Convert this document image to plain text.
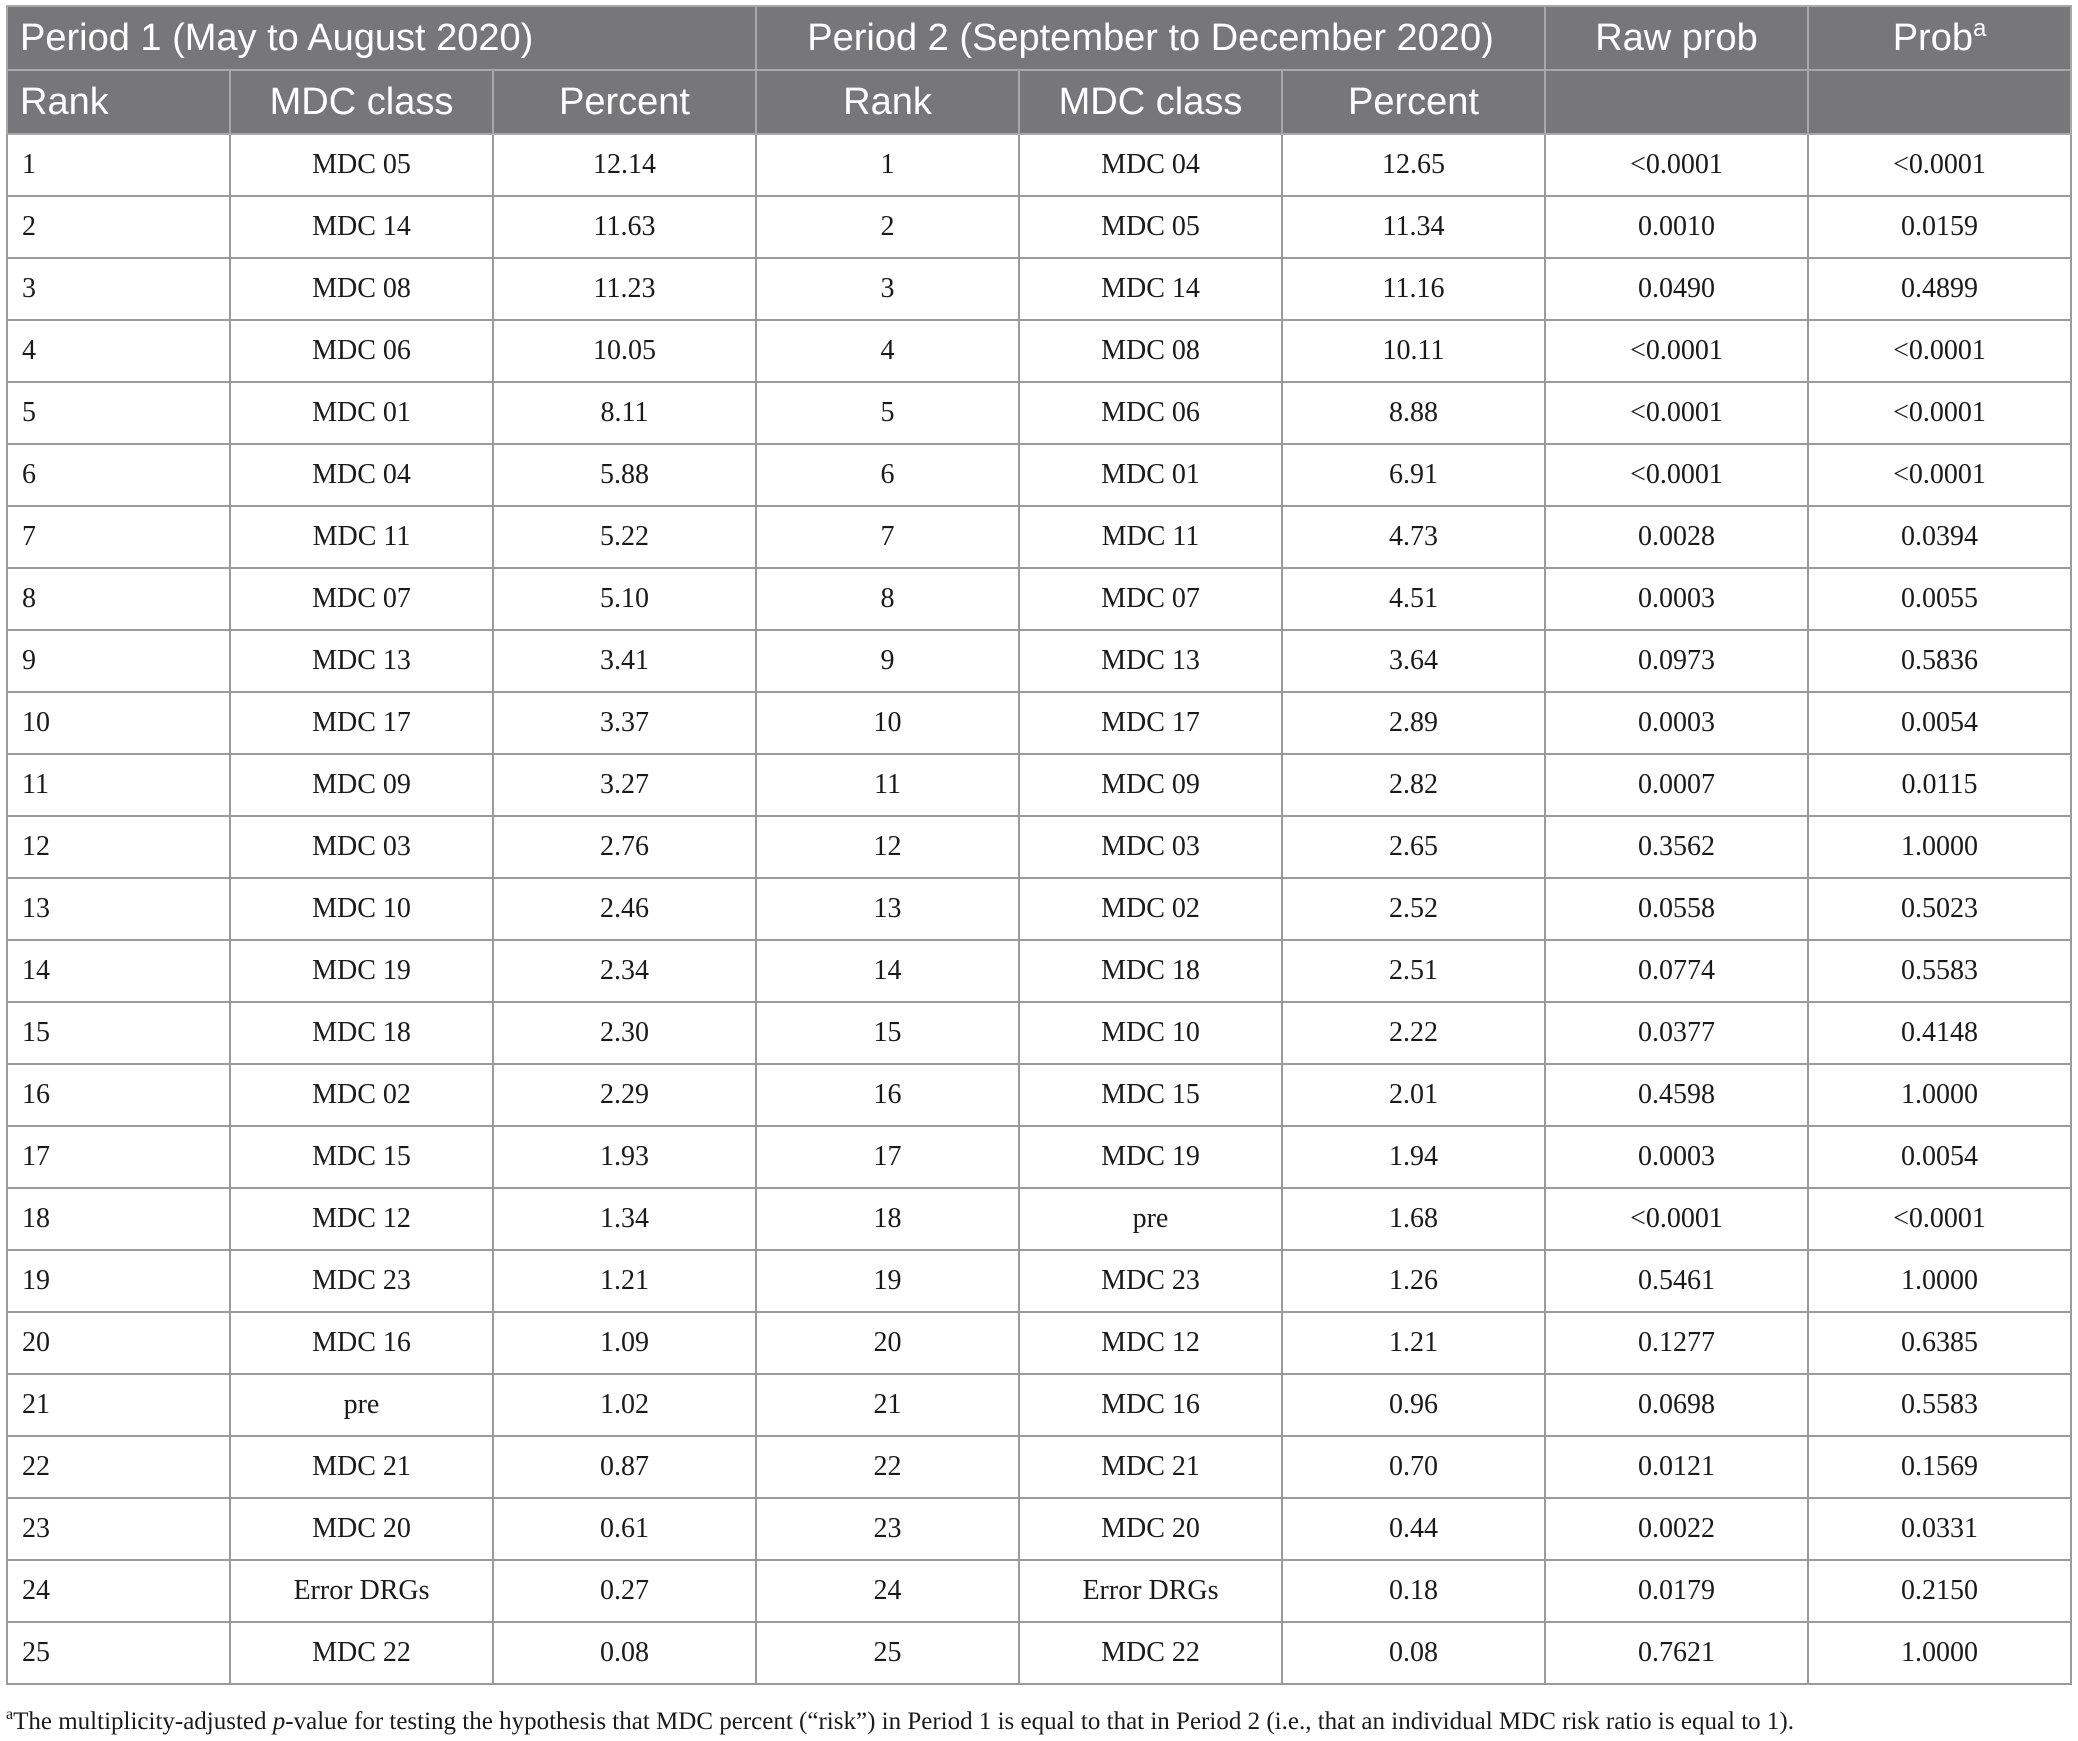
Period 1 (May to August 2020)			Period 2 (September to December 2020)			Raw prob	Prob$^a$
Rank	MDC class	Percent	Rank	MDC class	Percent		
1	MDC 05	12.14	1	MDC 04	12.65	<0.0001	<0.0001
2	MDC 14	11.63	2	MDC 05	11.34	0.0010	0.0159
3	MDC 08	11.23	3	MDC 14	11.16	0.0490	0.4899
4	MDC 06	10.05	4	MDC 08	10.11	<0.0001	<0.0001
5	MDC 01	8.11	5	MDC 06	8.88	<0.0001	<0.0001
6	MDC 04	5.88	6	MDC 01	6.91	<0.0001	<0.0001
7	MDC 11	5.22	7	MDC 11	4.73	0.0028	0.0394
8	MDC 07	5.10	8	MDC 07	4.51	0.0003	0.0055
9	MDC 13	3.41	9	MDC 13	3.64	0.0973	0.5836
10	MDC 17	3.37	10	MDC 17	2.89	0.0003	0.0054
11	MDC 09	3.27	11	MDC 09	2.82	0.0007	0.0115
12	MDC 03	2.76	12	MDC 03	2.65	0.3562	1.0000
13	MDC 10	2.46	13	MDC 02	2.52	0.0558	0.5023
14	MDC 19	2.34	14	MDC 18	2.51	0.0774	0.5583
15	MDC 18	2.30	15	MDC 10	2.22	0.0377	0.4148
16	MDC 02	2.29	16	MDC 15	2.01	0.4598	1.0000
17	MDC 15	1.93	17	MDC 19	1.94	0.0003	0.0054
18	MDC 12	1.34	18	pre	1.68	<0.0001	<0.0001
19	MDC 23	1.21	19	MDC 23	1.26	0.5461	1.0000
20	MDC 16	1.09	20	MDC 12	1.21	0.1277	0.6385
21	pre	1.02	21	MDC 16	0.96	0.0698	0.5583
22	MDC 21	0.87	22	MDC 21	0.70	0.0121	0.1569
23	MDC 20	0.61	23	MDC 20	0.44	0.0022	0.0331
24	Error DRGs	0.27	24	Error DRGs	0.18	0.0179	0.2150
25	MDC 22	0.08	25	MDC 22	0.08	0.7621	1.0000
$^a$The multiplicity-adjusted p-value for testing the hypothesis that MDC percent (“risk”) in Period 1 is equal to that in Period 2 (i.e., that an individual MDC risk ratio is equal to 1).
